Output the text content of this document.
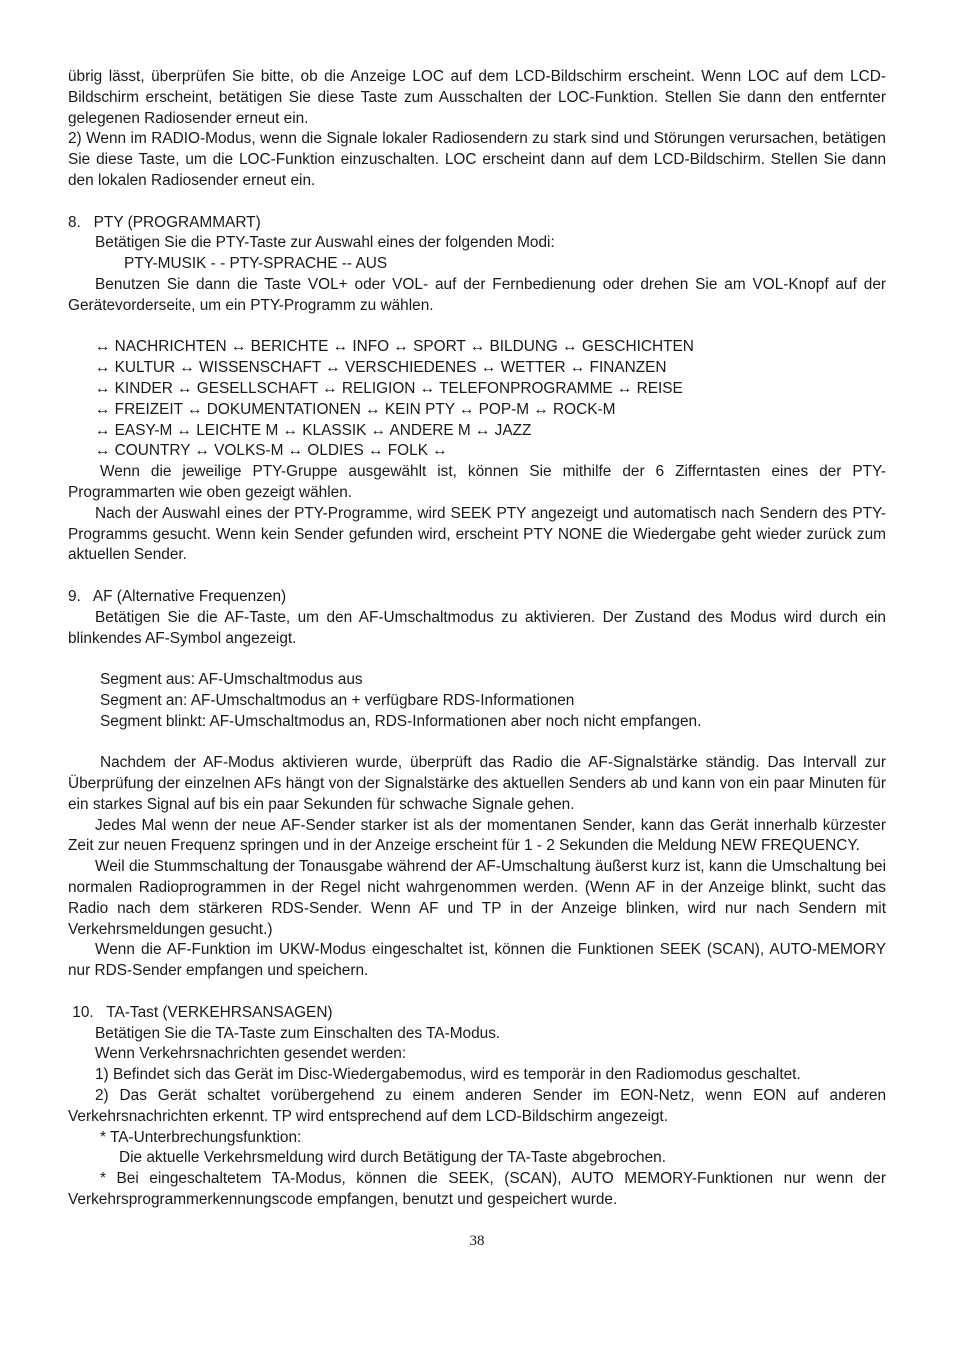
übrig lässt, überprüfen Sie bitte, ob die Anzeige LOC auf dem LCD-Bildschirm erscheint. Wenn LOC auf dem LCD-Bildschirm erscheint, betätigen Sie diese Taste zum Ausschalten der LOC-Funktion. Stellen Sie dann den entfernter gelegenen Radiosender erneut ein.

2) Wenn im RADIO-Modus, wenn die Signale lokaler Radiosendern zu stark sind und Störungen verursachen, betätigen Sie diese Taste, um die LOC-Funktion einzuschalten. LOC erscheint dann auf dem LCD-Bildschirm. Stellen Sie dann den lokalen Radiosender erneut ein.

8.   PTY (PROGRAMMART)

Betätigen Sie die PTY-Taste zur Auswahl eines der folgenden Modi:

PTY-MUSIK - - PTY-SPRACHE -- AUS

Benutzen Sie dann die Taste VOL+ oder VOL- auf der Fernbedienung oder drehen Sie am VOL-Knopf auf der Gerätevorderseite, um ein PTY-Programm zu wählen.

↔ NACHRICHTEN ↔ BERICHTE ↔ INFO ↔ SPORT ↔ BILDUNG ↔ GESCHICHTEN

↔ KULTUR ↔ WISSENSCHAFT ↔ VERSCHIEDENES ↔ WETTER ↔ FINANZEN

↔ KINDER ↔ GESELLSCHAFT ↔ RELIGION ↔ TELEFONPROGRAMME ↔ REISE

↔ FREIZEIT ↔ DOKUMENTATIONEN ↔ KEIN PTY ↔ POP-M ↔ ROCK-M

↔ EASY-M ↔ LEICHTE M ↔ KLASSIK ↔ ANDERE M ↔ JAZZ

↔ COUNTRY ↔ VOLKS-M ↔ OLDIES ↔ FOLK ↔

Wenn die jeweilige PTY-Gruppe ausgewählt ist, können Sie mithilfe der 6 Zifferntasten eines der PTY-Programmarten wie oben gezeigt wählen.

Nach der Auswahl eines der PTY-Programme, wird SEEK PTY angezeigt und automatisch nach Sendern des PTY-Programms gesucht. Wenn kein Sender gefunden wird, erscheint PTY NONE die Wiedergabe geht wieder zurück zum aktuellen Sender.

9.   AF (Alternative Frequenzen)

Betätigen Sie die AF-Taste, um den AF-Umschaltmodus zu aktivieren. Der Zustand des Modus wird durch ein blinkendes AF-Symbol angezeigt.

Segment aus: AF-Umschaltmodus aus

Segment an: AF-Umschaltmodus an + verfügbare RDS-Informationen

Segment blinkt: AF-Umschaltmodus an, RDS-Informationen aber noch nicht empfangen.

Nachdem der AF-Modus aktivieren wurde, überprüft das Radio die AF-Signalstärke ständig. Das Intervall zur Überprüfung der einzelnen AFs hängt von der Signalstärke des aktuellen Senders ab und kann von ein paar Minuten für ein starkes Signal auf bis ein paar Sekunden für schwache Signale gehen.

Jedes Mal wenn der neue AF-Sender starker ist als der momentanen Sender, kann das Gerät innerhalb kürzester Zeit zur neuen Frequenz springen und in der Anzeige erscheint für 1 - 2 Sekunden die Meldung NEW FREQUENCY.

Weil die Stummschaltung der Tonausgabe während der AF-Umschaltung äußerst kurz ist, kann die Umschaltung bei normalen Radioprogrammen in der Regel nicht wahrgenommen werden. (Wenn AF in der Anzeige blinkt, sucht das Radio nach dem stärkeren RDS-Sender. Wenn AF und TP in der Anzeige blinken, wird nur nach Sendern mit Verkehrsmeldungen gesucht.)

Wenn die AF-Funktion im UKW-Modus eingeschaltet ist, können die Funktionen SEEK (SCAN), AUTO-MEMORY nur RDS-Sender empfangen und speichern.

10.   TA-Tast (VERKEHRSANSAGEN)

Betätigen Sie die TA-Taste zum Einschalten des TA-Modus.

Wenn Verkehrsnachrichten gesendet werden:

1) Befindet sich das Gerät im Disc-Wiedergabemodus, wird es temporär in den Radiomodus geschaltet.

2) Das Gerät schaltet vorübergehend zu einem anderen Sender im EON-Netz, wenn EON auf anderen Verkehrsnachrichten erkennt. TP wird entsprechend auf dem LCD-Bildschirm angezeigt.

* TA-Unterbrechungsfunktion:

Die aktuelle Verkehrsmeldung wird durch Betätigung der TA-Taste abgebrochen.

* Bei eingeschaltetem TA-Modus, können die SEEK, (SCAN), AUTO MEMORY-Funktionen nur wenn der Verkehrsprogrammerkennungscode empfangen, benutzt und gespeichert wurde.

38
